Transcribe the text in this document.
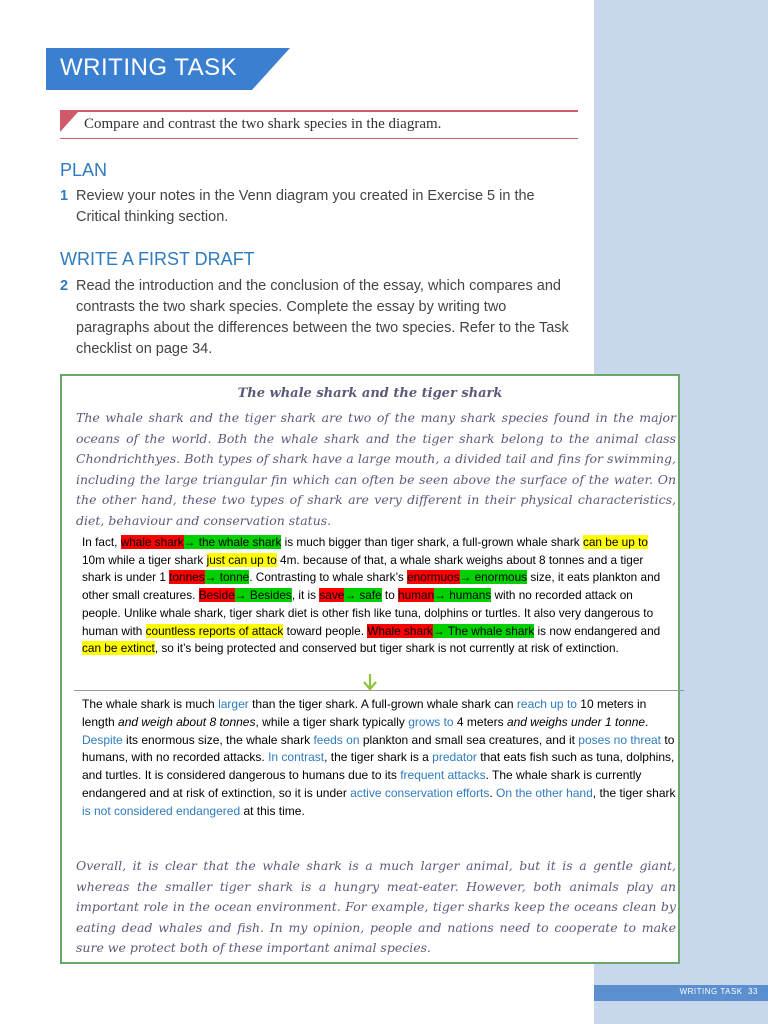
WRITING TASK
Compare and contrast the two shark species in the diagram.
PLAN
1 Review your notes in the Venn diagram you created in Exercise 5 in the Critical thinking section.
WRITE A FIRST DRAFT
2 Read the introduction and the conclusion of the essay, which compares and contrasts the two shark species. Complete the essay by writing two paragraphs about the differences between the two species. Refer to the Task checklist on page 34.
The whale shark and the tiger shark
The whale shark and the tiger shark are two of the many shark species found in the major oceans of the world. Both the whale shark and the tiger shark belong to the animal class Chondrichthyes. Both types of shark have a large mouth, a divided tail and fins for swimming, including the large triangular fin which can often be seen above the surface of the water. On the other hand, these two types of shark are very different in their physical characteristics, diet, behaviour and conservation status.
In fact, whale shark→ the whale shark is much bigger than tiger shark, a full-grown whale shark can be up to 10m while a tiger shark just can up to 4m. because of that, a whale shark weighs about 8 tonnes and a tiger shark is under 1 tonnes→ tonne. Contrasting to whale shark’s enormuos→ enormous size, it eats plankton and other small creatures. Beside→ Besides, it is save→ safe to human→ humans with no recorded attack on people. Unlike whale shark, tiger shark diet is other fish like tuna, dolphins or turtles. It also very dangerous to human with countless reports of attack toward people. Whale shark→ The whale shark is now endangered and can be extinct, so it’s being protected and conserved but tiger shark is not currently at risk of extinction.
The whale shark is much larger than the tiger shark. A full-grown whale shark can reach up to 10 meters in length and weigh about 8 tonnes, while a tiger shark typically grows to 4 meters and weighs under 1 tonne. Despite its enormous size, the whale shark feeds on plankton and small sea creatures, and it poses no threat to humans, with no recorded attacks. In contrast, the tiger shark is a predator that eats fish such as tuna, dolphins, and turtles. It is considered dangerous to humans due to its frequent attacks. The whale shark is currently endangered and at risk of extinction, so it is under active conservation efforts. On the other hand, the tiger shark is not considered endangered at this time.
Overall, it is clear that the whale shark is a much larger animal, but it is a gentle giant, whereas the smaller tiger shark is a hungry meat-eater. However, both animals play an important role in the ocean environment. For example, tiger sharks keep the oceans clean by eating dead whales and fish. In my opinion, people and nations need to cooperate to make sure we protect both of these important animal species.
WRITING TASK 33
